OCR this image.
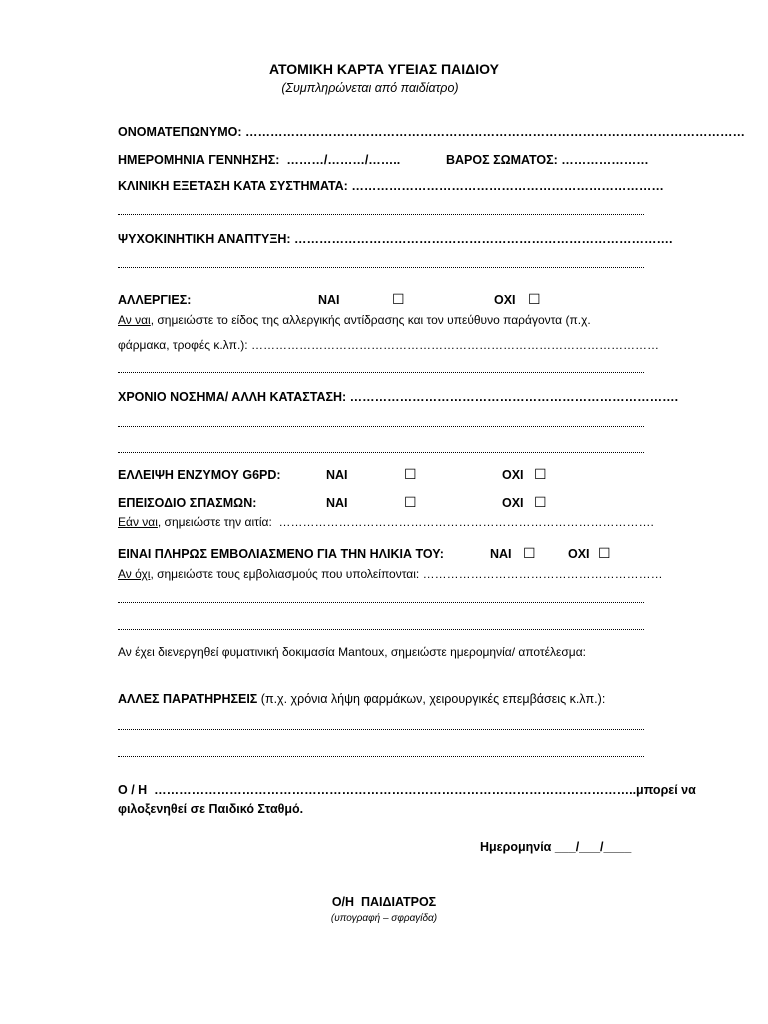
ΑΤΟΜΙΚΗ ΚΑΡΤΑ ΥΓΕΙΑΣ ΠΑΙΔΙΟΥ
(Συμπληρώνεται από παιδίατρο)
ΟΝΟΜΑΤΕΠΩΝΥΜΟ: …………………………………………………………………………………………………………
ΗΜΕΡΟΜΗΝΙΑ ΓΕΝΝΗΣΗΣ:  ………/………/……..	ΒΑΡΟΣ ΣΩΜΑΤΟΣ: …………………
ΚΛΙΝΙΚΗ ΕΞΕΤΑΣΗ ΚΑΤΑ ΣΥΣΤΗΜΑΤΑ: …………………………………………………………………
ΨΥΧΟΚΙΝΗΤΙΚΗ ΑΝΑΠΤΥΞΗ: ……………………………………………………………………………….
ΑΛΛΕΡΓΙΕΣ:	ΝΑΙ	☐	ΟΧΙ ☐
Αν ναι, σημειώστε το είδος της αλλεργικής αντίδρασης και τον υπεύθυνο παράγοντα (π.χ.
φάρμακα, τροφές κ.λπ.): …………………………………………………………………………………………
ΧΡΟΝΙΟ ΝΟΣΗΜΑ/ ΑΛΛΗ ΚΑΤΑΣΤΑΣΗ: …………………………………………………………………….
ΕΛΛΕΙΨΗ ΕΝΖΥΜΟΥ G6PD:	ΝΑΙ	☐	ΟΧΙ ☐
ΕΠΕΙΣΟΔΙΟ ΣΠΑΣΜΩΝ:	ΝΑΙ	☐	ΟΧΙ ☐
Εάν ναι, σημειώστε την αιτία:  ………………………………………………………………………………….
ΕΙΝΑΙ ΠΛΗΡΩΣ ΕΜΒΟΛΙΑΣΜΕΝΟ ΓΙΑ ΤΗΝ ΗΛΙΚΙΑ ΤΟΥ:	ΝΑΙ ☐	ΟΧΙ ☐
Αν όχι, σημειώστε τους εμβολιασμούς που υπολείπονται: ……………………………………………………
Αν έχει διενεργηθεί φυματινική δοκιμασία Mantoux, σημειώστε ημερομηνία/ αποτέλεσμα:
ΑΛΛΕΣ ΠΑΡΑΤΗΡΗΣΕΙΣ (π.χ. χρόνια λήψη φαρμάκων, χειρουργικές επεμβάσεις κ.λπ.):
Ο / Η  ……………………………………………………………………………………………………..μπορεί να
φιλοξενηθεί σε Παιδικό Σταθμό.
Ημερομηνία ___/___/____
Ο/Η  ΠΑΙΔΙΑΤΡΟΣ
(υπογραφή – σφραγίδα)
